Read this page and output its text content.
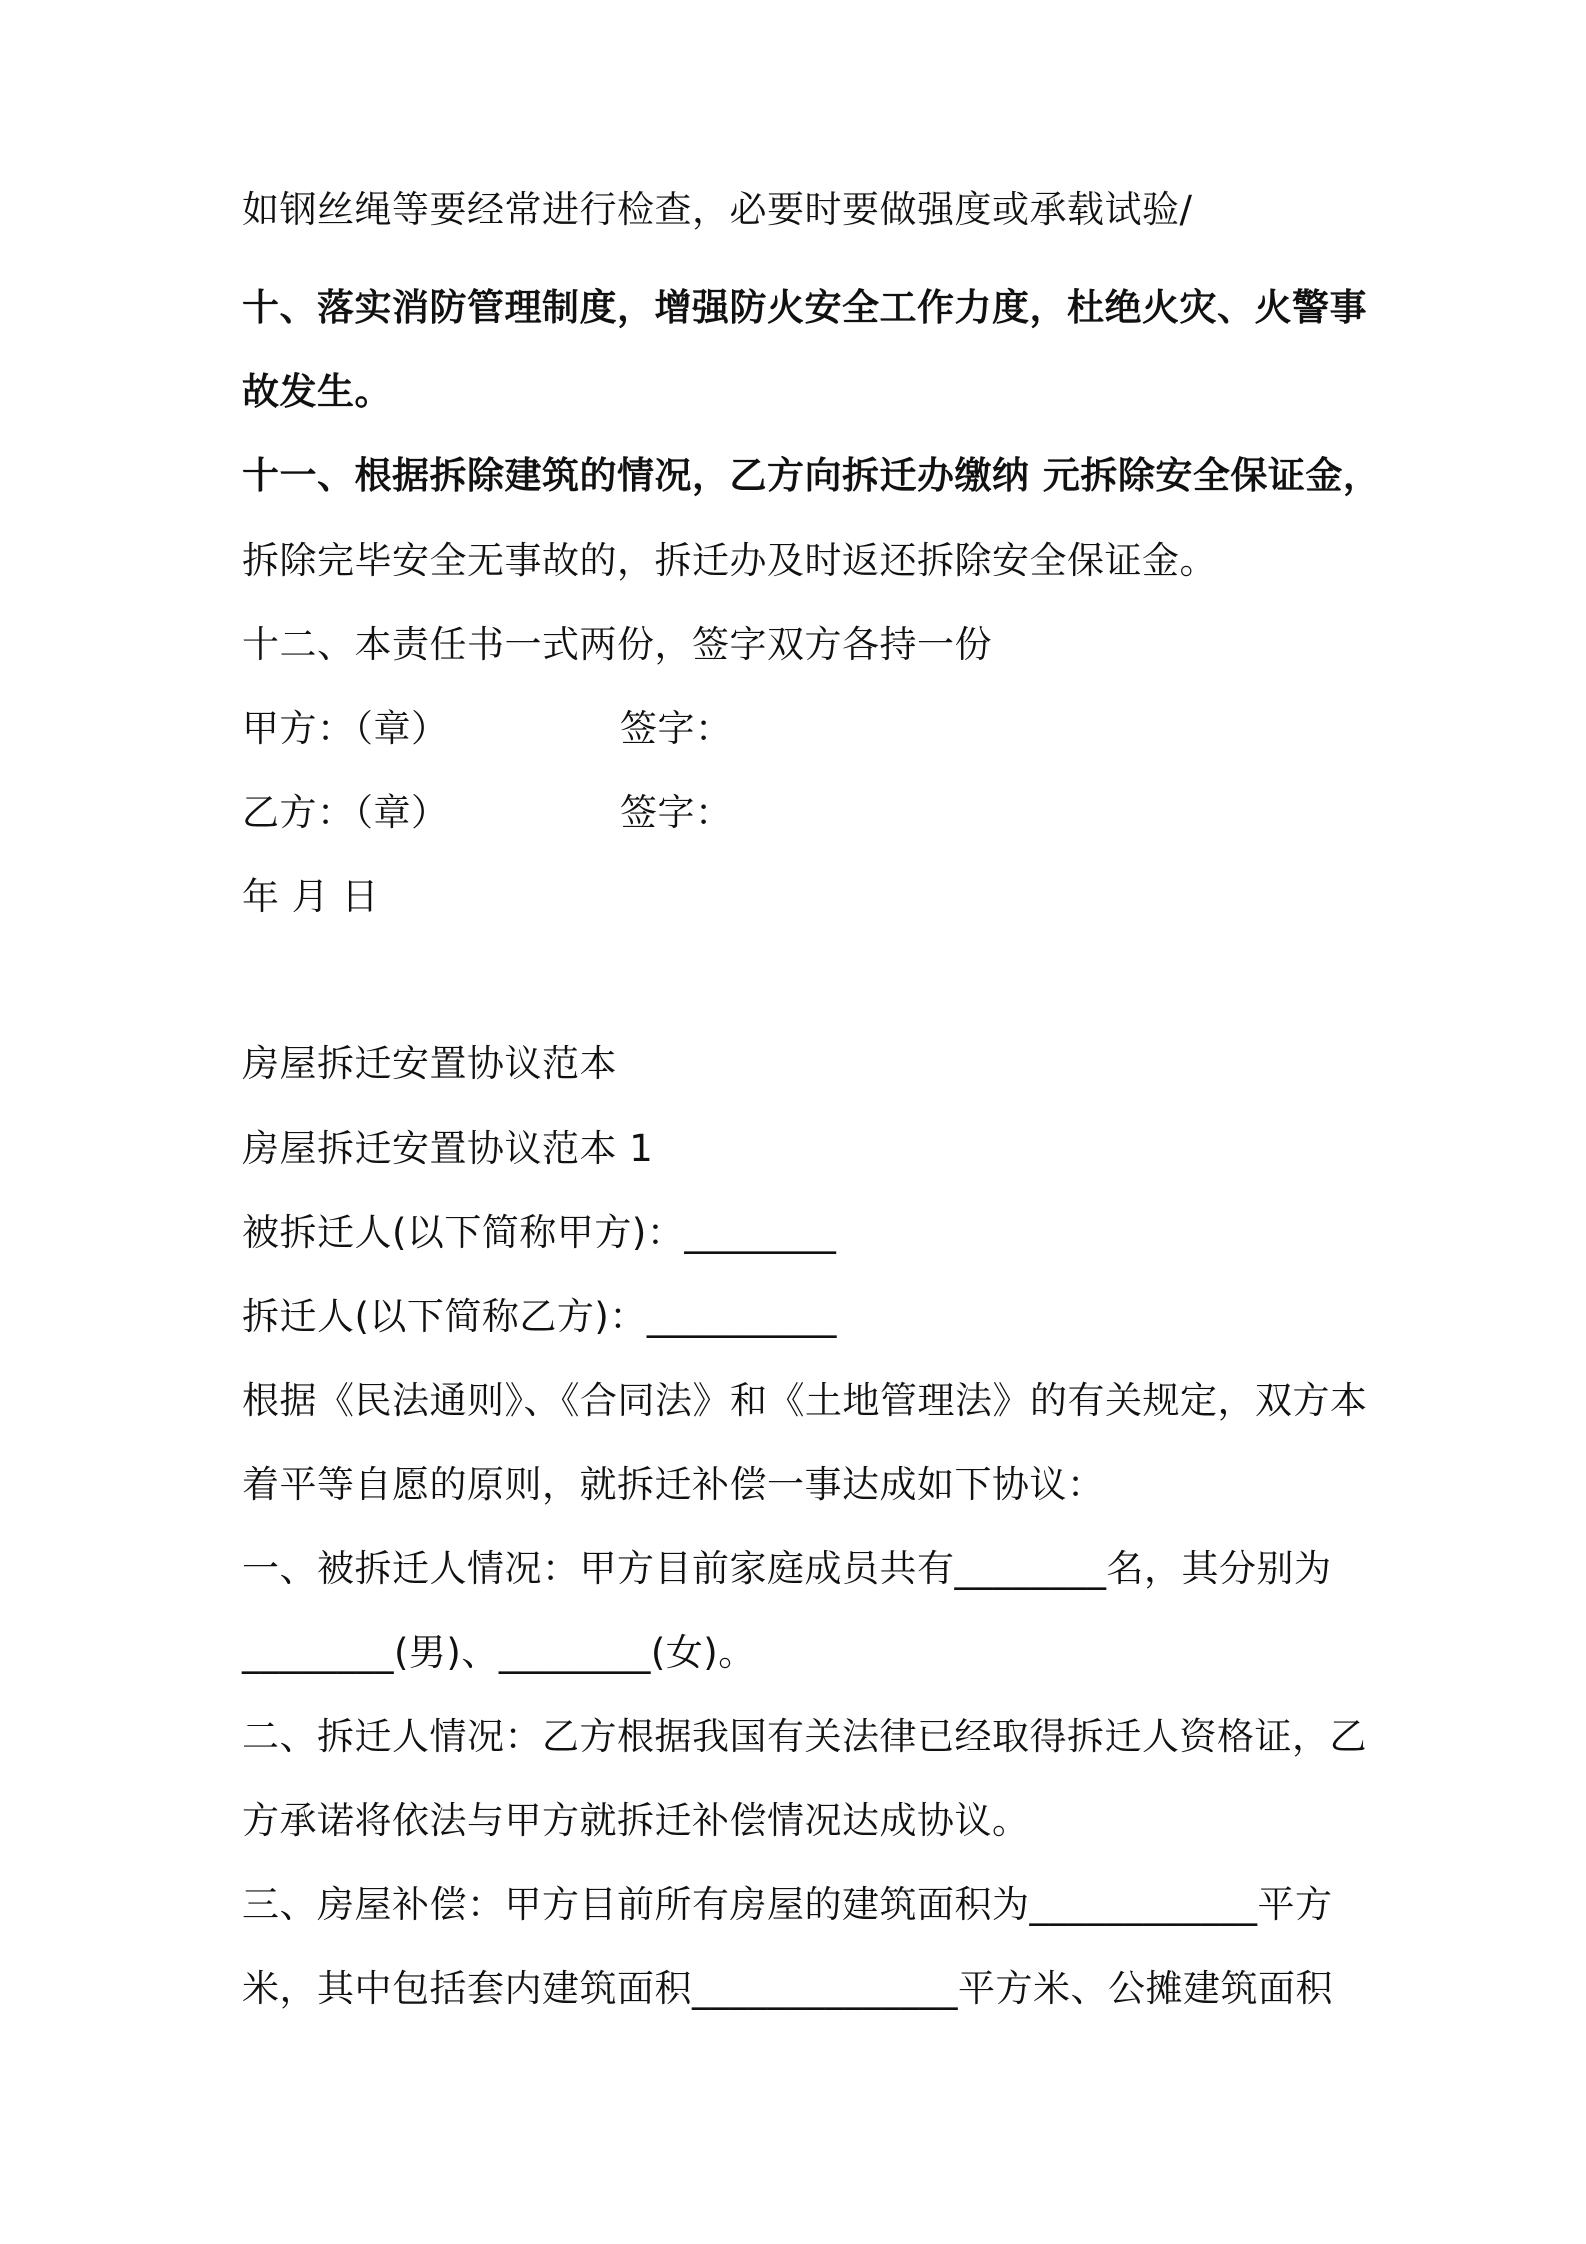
如钢丝绳等要经常进行检查，必要时要做强度或承载试验/
十、落实消防管理制度，增强防火安全工作力度，杜绝火灾、火警事
故发生。
十一、根据拆除建筑的情况，乙方向拆迁办缴纳 元拆除安全保证金，
拆除完毕安全无事故的，拆迁办及时返还拆除安全保证金。
十二、本责任书一式两份，签字双方各持一份
甲方：（章）	签字：
乙方：（章）	签字：
年 月 日
房屋拆迁安置协议范本
房屋拆迁安置协议范本 1
被拆迁人(以下简称甲方)：________
拆迁人(以下简称乙方)：__________
根据《民法通则》、《合同法》和《土地管理法》的有关规定，双方本
着平等自愿的原则，就拆迁补偿一事达成如下协议：
一、被拆迁人情况：甲方目前家庭成员共有________名，其分别为
________(男)、________(女)。
二、拆迁人情况：乙方根据我国有关法律已经取得拆迁人资格证，乙
方承诺将依法与甲方就拆迁补偿情况达成协议。
三、房屋补偿：甲方目前所有房屋的建筑面积为____________平方
米，其中包括套内建筑面积______________平方米、公摊建筑面积
